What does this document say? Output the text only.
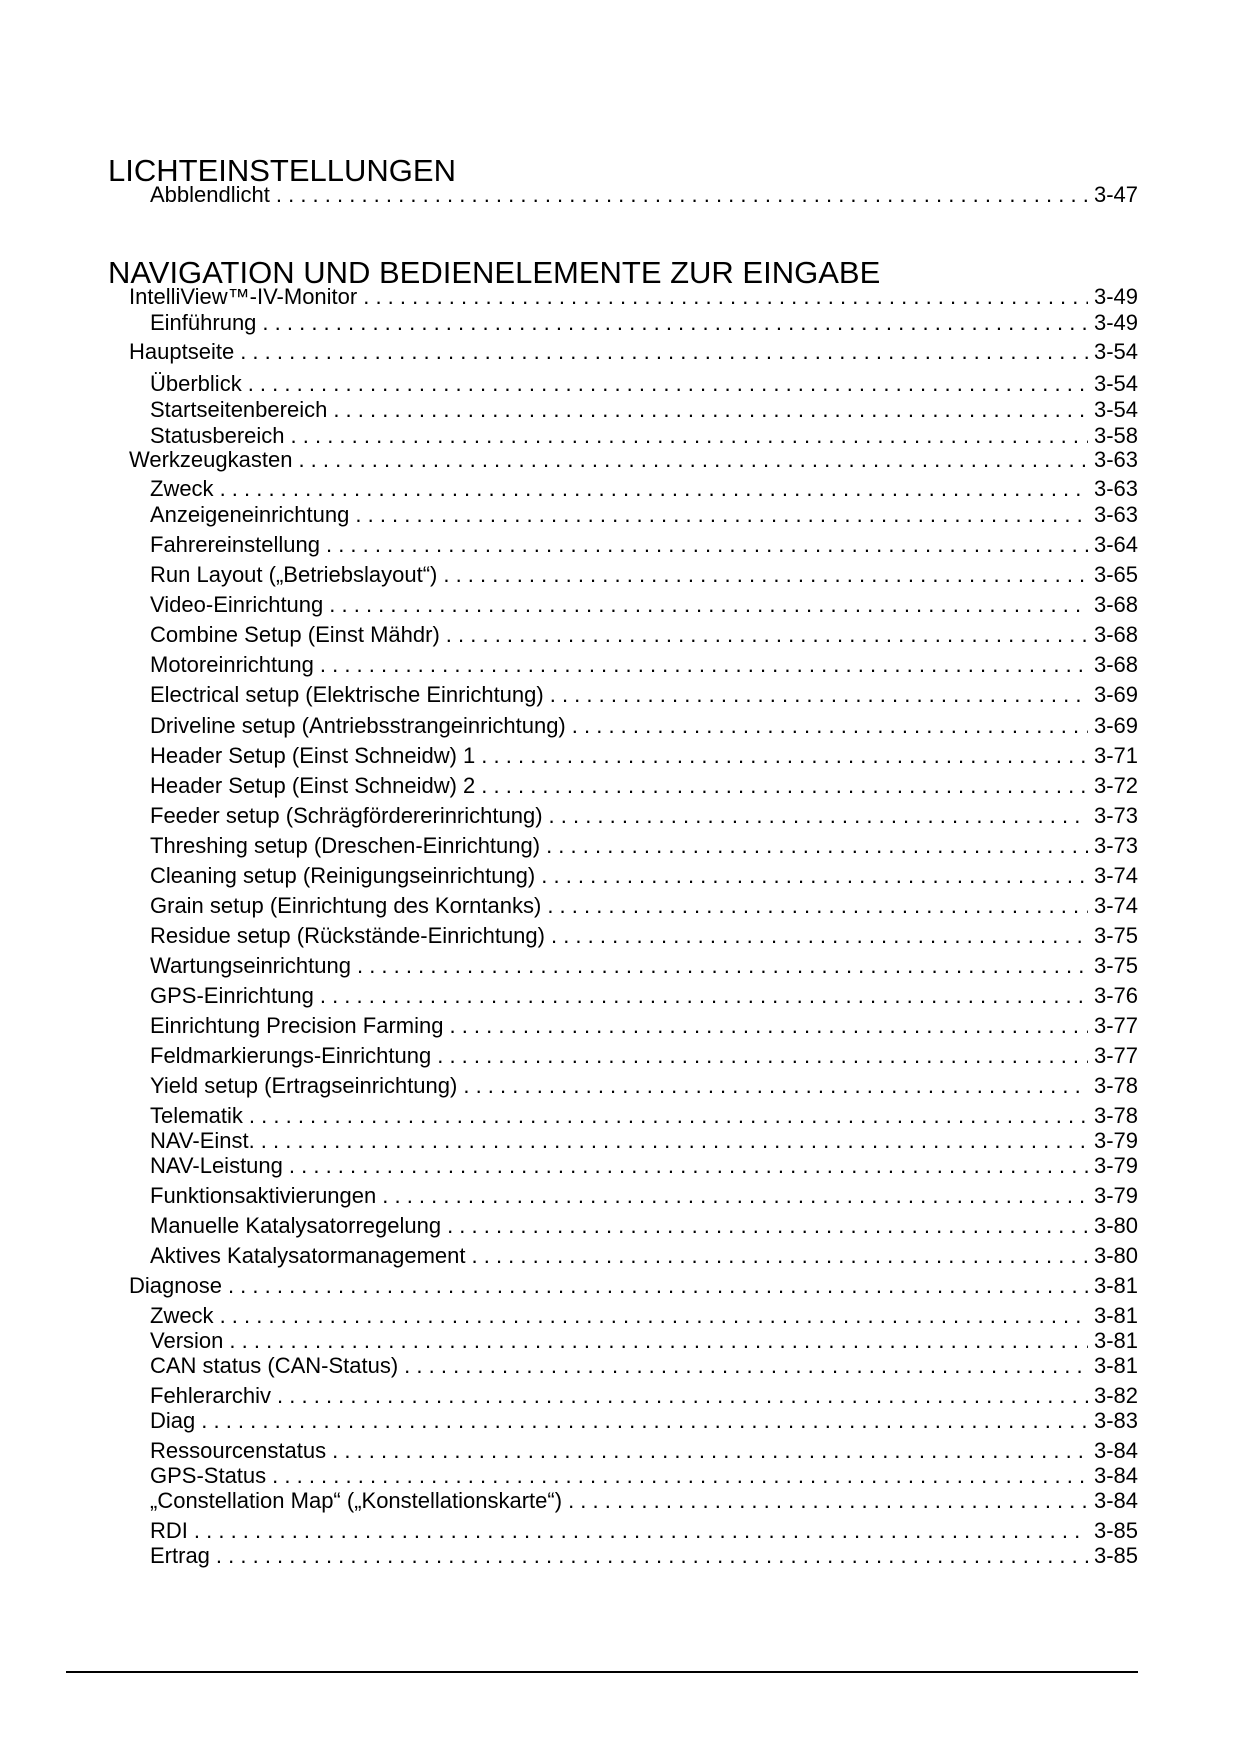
LICHTEINSTELLUNGEN
Abblendlicht . . .	3-47
NAVIGATION UND BEDIENELEMENTE ZUR EINGABE
IntelliView™-IV-Monitor . . .	3-49
Einführung . . .	3-49
Hauptseite . . .	3-54
Überblick . . .	3-54
Startseitenbereich . . .	3-54
Statusbereich . . .	3-58
Werkzeugkasten . . .	3-63
Zweck . . .	3-63
Anzeigeneinrichtung . . .	3-63
Fahrereinstellung . . .	3-64
Run Layout („Betriebslayout“) . . .	3-65
Video-Einrichtung . . .	3-68
Combine Setup (Einst Mähdr) . . .	3-68
Motoreinrichtung . . .	3-68
Electrical setup (Elektrische Einrichtung) . . .	3-69
Driveline setup (Antriebsstrangeinrichtung) . . .	3-69
Header Setup (Einst Schneidw) 1 . . .	3-71
Header Setup (Einst Schneidw) 2 . . .	3-72
Feeder setup (Schrägfördererinrichtung) . . .	3-73
Threshing setup (Dreschen-Einrichtung) . . .	3-73
Cleaning setup (Reinigungseinrichtung) . . .	3-74
Grain setup (Einrichtung des Korntanks) . . .	3-74
Residue setup (Rückstände-Einrichtung) . . .	3-75
Wartungseinrichtung . . .	3-75
GPS-Einrichtung . . .	3-76
Einrichtung Precision Farming . . .	3-77
Feldmarkierungs-Einrichtung . . .	3-77
Yield setup (Ertragseinrichtung) . . .	3-78
Telematik . . .	3-78
NAV-Einst. . . .	3-79
NAV-Leistung . . .	3-79
Funktionsaktivierungen . . .	3-79
Manuelle Katalysatorregelung . . .	3-80
Aktives Katalysatormanagement . . .	3-80
Diagnose . . .	3-81
Zweck . . .	3-81
Version . . .	3-81
CAN status (CAN-Status) . . .	3-81
Fehlerarchiv . . .	3-82
Diag . . .	3-83
Ressourcenstatus . . .	3-84
GPS-Status . . .	3-84
„Constellation Map“ („Konstellationskarte“) . . .	3-84
RDI . . .	3-85
Ertrag . . .	3-85
